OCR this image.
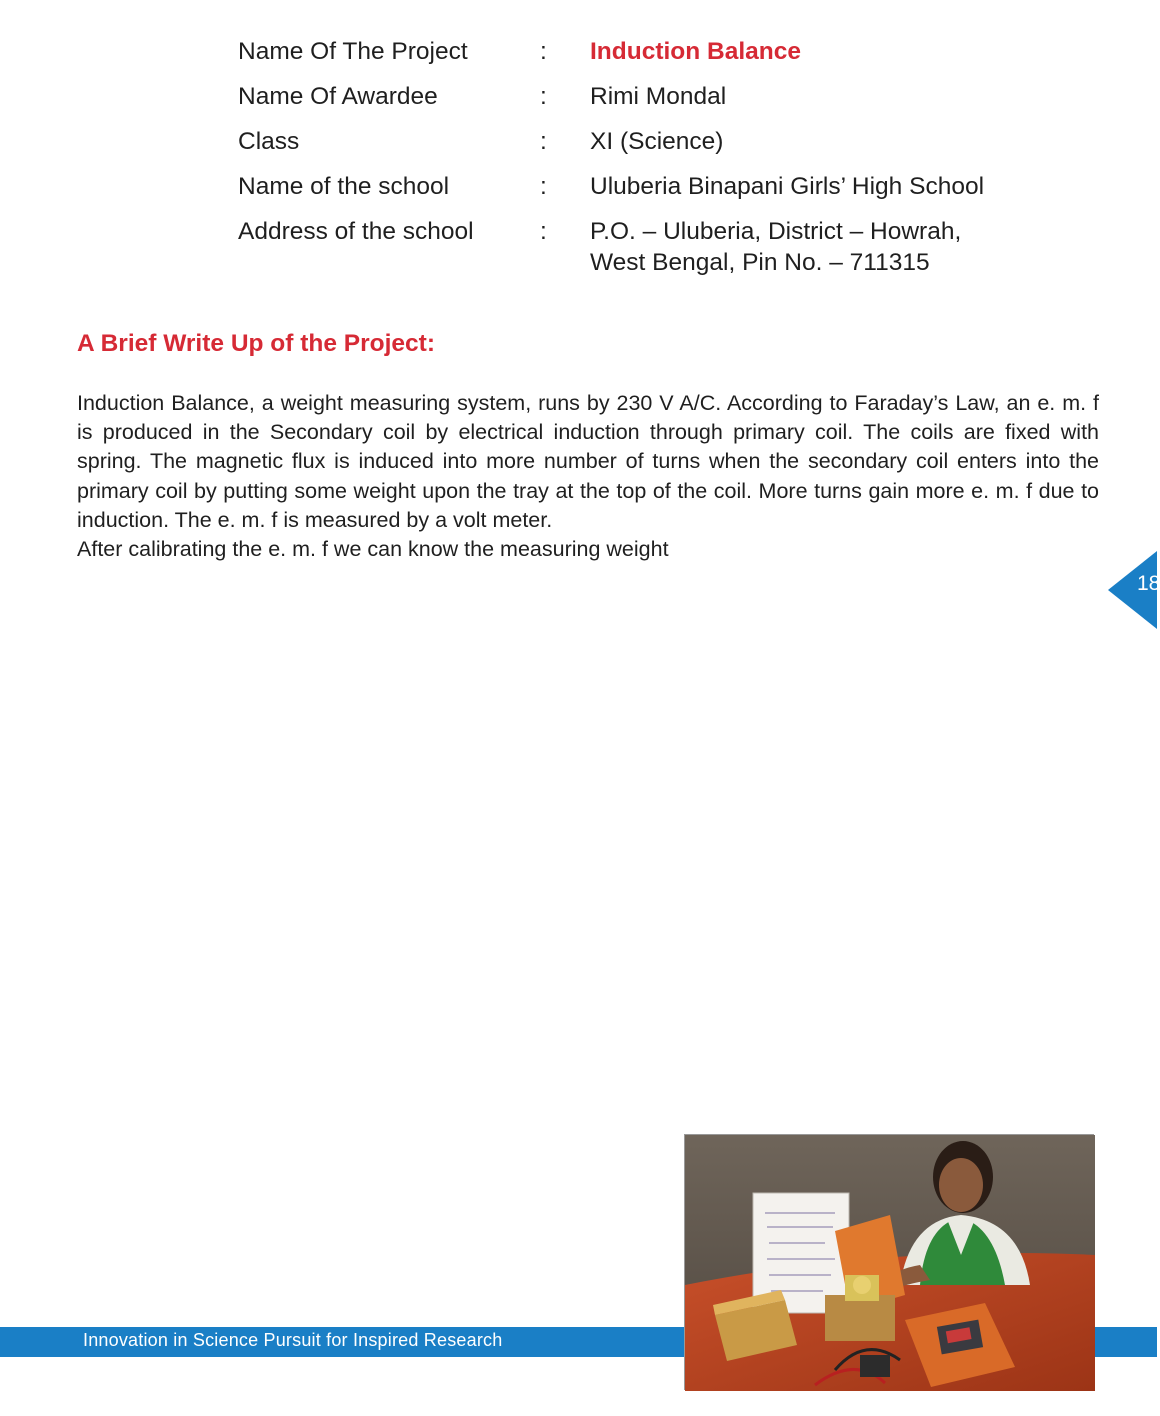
Name Of The Project	: Induction Balance
Name Of Awardee	: Rimi Mondal
Class	: XI (Science)
Name of the school	: Uluberia Binapani Girls’ High School
Address of the school	: P.O. – Uluberia, District – Howrah,
West Bengal, Pin No. – 711315
A Brief Write Up of the Project:

Induction Balance, a weight measuring system, runs by 230 V A/C. According to Faraday’s Law, an e. m. f is produced in the Secondary coil by electrical induction through primary coil. The coils are fixed with spring. The magnetic flux is induced into more number of turns when the secondary coil enters into the primary coil by putting some weight upon the tray at the top of the coil. More turns gain more e. m. f due to induction. The e. m. f is measured by a volt meter.
After calibrating the e. m. f we can know the measuring weight

18
Innovation in Science Pursuit for Inspired Research
